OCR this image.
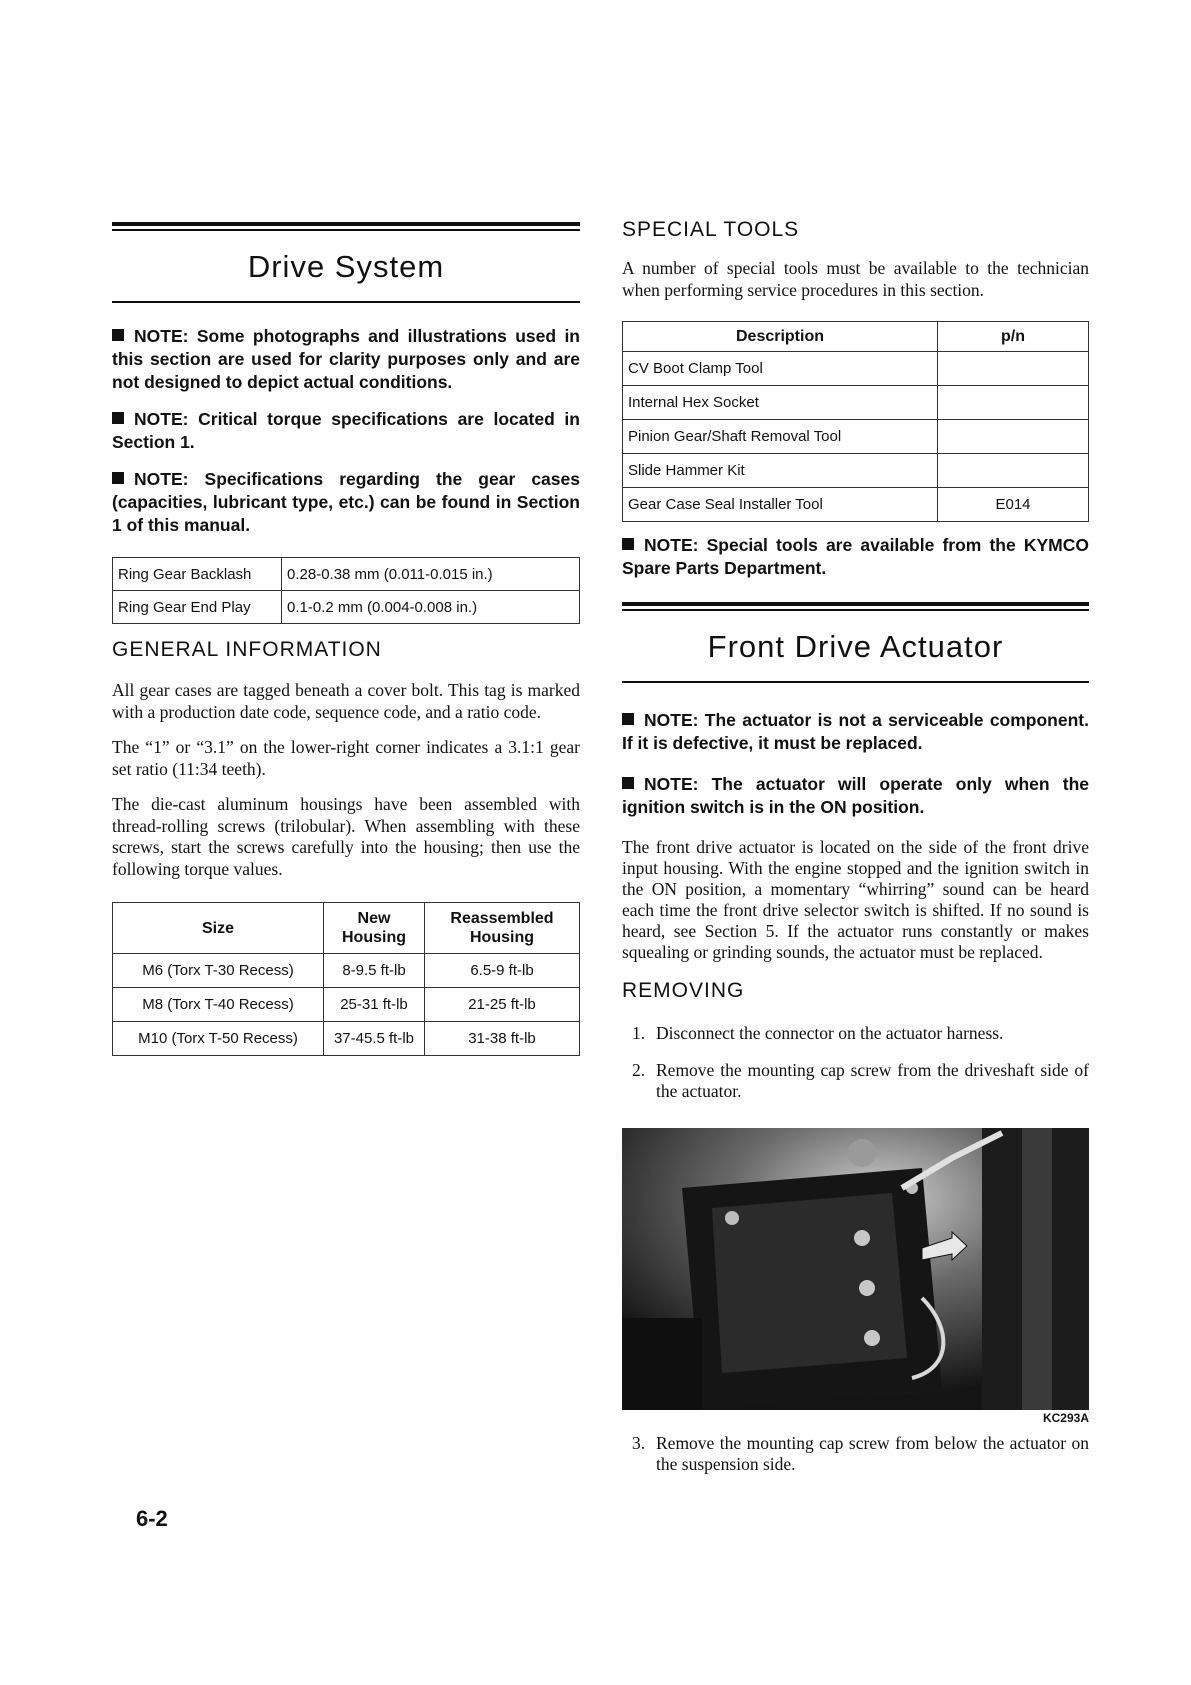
Drive System

NOTE: Some photographs and illustrations used in this section are used for clarity purposes only and are not designed to depict actual conditions.

NOTE: Critical torque specifications are located in Section 1.

NOTE: Specifications regarding the gear cases (capacities, lubricant type, etc.) can be found in Section 1 of this manual.

Ring Gear Backlash	0.28-0.38 mm (0.011-0.015 in.)
Ring Gear End Play	0.1-0.2 mm (0.004-0.008 in.)
GENERAL INFORMATION

All gear cases are tagged beneath a cover bolt. This tag is marked with a production date code, sequence code, and a ratio code.

The “1” or “3.1” on the lower-right corner indicates a 3.1:1 gear set ratio (11:34 teeth).

The die-cast aluminum housings have been assembled with thread-rolling screws (trilobular). When assembling with these screws, start the screws carefully into the housing; then use the following torque values.

Size	New Housing	Reassembled Housing
M6 (Torx T-30 Recess)	8-9.5 ft-lb	6.5-9 ft-lb
M8 (Torx T-40 Recess)	25-31 ft-lb	21-25 ft-lb
M10 (Torx T-50 Recess)	37-45.5 ft-lb	31-38 ft-lb
SPECIAL TOOLS

A number of special tools must be available to the technician when performing service procedures in this section.

Description	p/n
CV Boot Clamp Tool	
Internal Hex Socket	
Pinion Gear/Shaft Removal Tool	
Slide Hammer Kit	
Gear Case Seal Installer Tool	E014

NOTE: Special tools are available from the KYMCO Spare Parts Department.

Front Drive Actuator

NOTE: The actuator is not a serviceable component. If it is defective, it must be replaced.

NOTE: The actuator will operate only when the ignition switch is in the ON position.

The front drive actuator is located on the side of the front drive input housing. With the engine stopped and the ignition switch in the ON position, a momentary “whirring” sound can be heard each time the front drive selector switch is shifted. If no sound is heard, see Section 5. If the actuator runs constantly or makes squealing or grinding sounds, the actuator must be replaced.

REMOVING

1. Disconnect the connector on the actuator harness.

2. Remove the mounting cap screw from the driveshaft side of the actuator.

KC293A

3. Remove the mounting cap screw from below the actuator on the suspension side.

6-2
